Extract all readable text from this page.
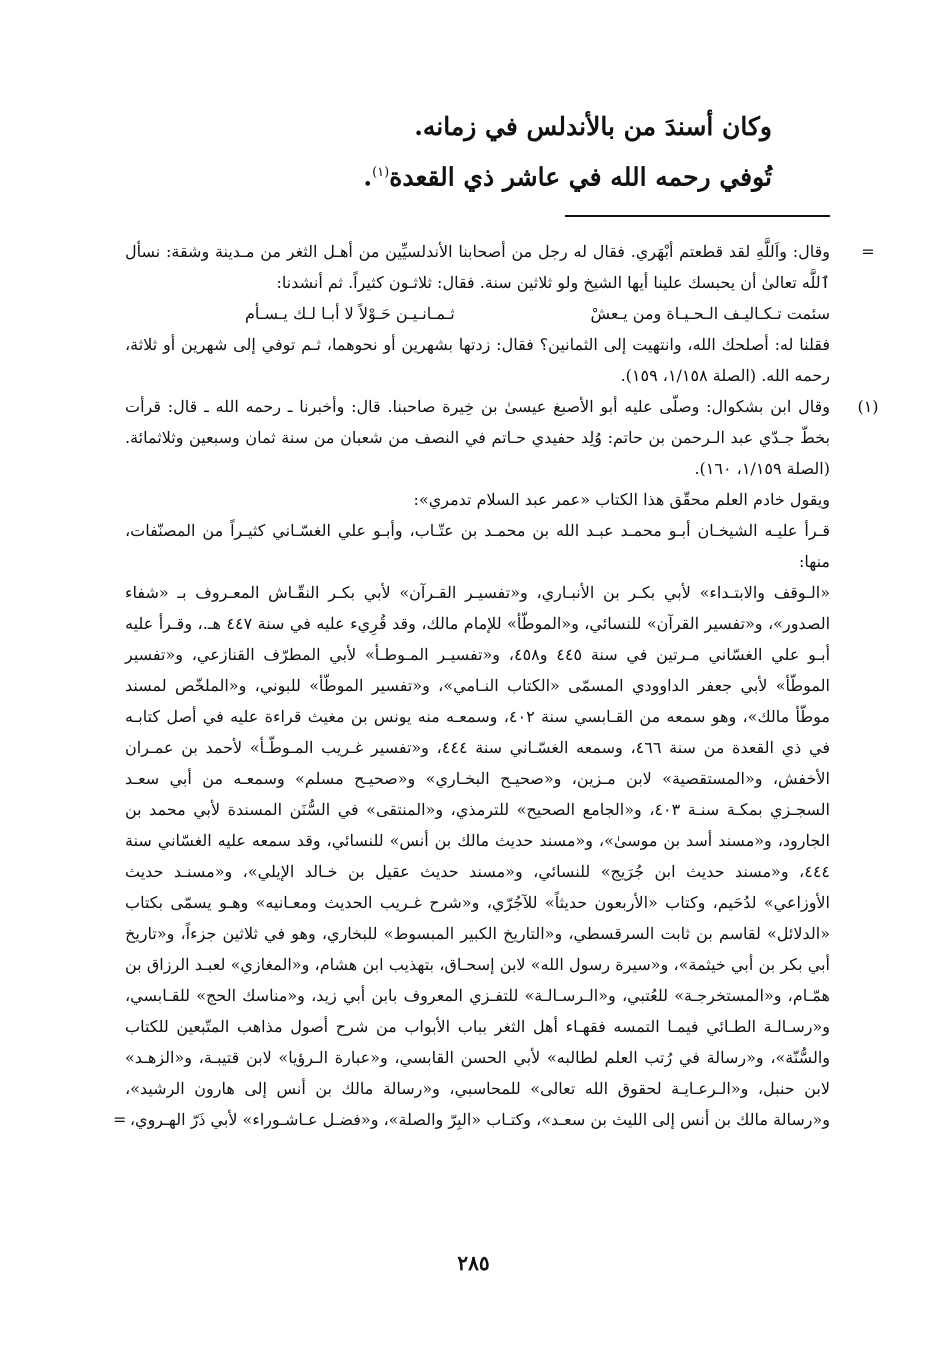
وكان أسندَ من بالأندلس في زمانه.

تُوفي رحمه الله في عاشر ذي القعدة$^{(١)}$.

=

وقال: واَللَّهِ لقد قطعتم أبْهَري. فقال له رجل من أصحابنا الأندلسيِّين من أهـل الثغر من مـدينة وشقة: نسأل ٱللَّه تعالىٰ أن يحبسك علينا أيها الشيخ ولو ثلاثين سنة. فقال: ثلاثـون كثيراً. ثم أنشدنا:

سئمت تـكـاليـف الـحـيـاة ومن يـعشْ
ثـمـانـيـن حَـوْلاً لا أبـا لـك يـسـأم

فقلنا له: أصلحك الله، وانتهيت إلى الثمانين؟ فقال: زدتها بشهرين أو نحوهما، ثـم توفي إلى شهرين أو ثلاثة، رحمه الله. (الصلة ١/١٥٨، ١٥٩).

(١)

وقال ابن بشكوال: وصلّى عليه أبو الأصبغ عيسىٰ بن خِيرة صاحبنا. قال: وأخبرنا ـ رحمه الله ـ قال: قرأت بخطّ جـدّي عبد الـرحمن بن حاتم: وُلِد حفيدي حـاتم في النصف من شعبان من سنة ثمان وسبعين وثلاثمائة. (الصلة ١/١٥٩، ١٦٠).

ويقول خادم العلم محقّق هذا الكتاب «عمر عبد السلام تدمري»:

قـرأ عليـه الشيخـان أبـو محمـد عبـد الله بن محمـد بن عتّـاب، وأبـو علي الغسّـاني كثيـراً من المصنّفات، منها:

«الـوقف والابتـداء» لأبي بكـر بن الأنبـاري، و«تفسيـر القـرآن» لأبي بكـر النقّـاش المعـروف بـ «شفاء الصدور»، و«تفسير القرآن» للنسائي، و«الموطّأ» للإمام مالك، وقد قُرِيء عليه في سنة ٤٤٧ هـ.، وقـرأ عليه أبـو علي الغسّاني مـرتين في سنة ٤٤٥ و٤٥٨، و«تفسيـر المـوطـأ» لأبي المطرّف القنازعي، و«تفسير الموطّأ» لأبي جعفر الداوودي المسمّى «الكتاب النـامي»، و«تفسير الموطّأ» للبوني، و«الملخّص لمسند موطّأ مالك»، وهو سمعه من القـابسي سنة ٤٠٢، وسمعـه منه يونس بن مغيث قراءة عليه في أصل كتابـه في ذي القعدة من سنة ٤٦٦، وسمعه الغسّـاني سنة ٤٤٤، و«تفسير غـريب المـوطّـأ» لأحمد بن عمـران الأخفش، و«المستقصية» لابن مـزين، و«صحيـح البخـاري» و«صحيـح مسلم» وسمعـه من أبي سعـد السجـزي بمكـة سنـة ٤٠٣، و«الجامع الصحيح» للترمذي، و«المنتقى» في السُّنَن المسندة لأبي محمد بن الجارود، و«مسند أسد بن موسىٰ»، و«مسند حديث مالك بن أنس» للنسائي، وقد سمعه عليه الغسّاني سنة ٤٤٤، و«مسند حديث ابن جُرَيج» للنسائي، و«مسند حديث عقيل بن خـالد الإيلي»، و«مسنـد حديث الأوزاعي» لدُحَيم، وكتاب «الأربعون حديثاً» للآجُرّي، و«شرح غـريب الحديث ومعـانيه» وهـو يسمّى بكتاب «الدلائل» لقاسم بن ثابت السرقسطي، و«التاريخ الكبير المبسوط» للبخاري، وهو في ثلاثين جزءاً، و«تاريخ أبي بكر بن أبي خيثمة»، و«سيرة رسول الله» لابن إسحـاق، بتهذيب ابن هشام، و«المغازي» لعبـد الرزاق بن همّـام، و«المستخرجـة» للعُتبي، و«الـرسـالـة» للتفـزي المعروف بابن أبي زيد، و«مناسك الحج» للقـابسي، و«رسـالـة الطـائي فيمـا التمسه فقهـاء أهل الثغر بباب الأبواب من شرح أصول مذاهب المتّبعين للكتاب والسُّنّة»، و«رسالة في رُتب العلم لطالبه» لأبي الحسن القابسي، و«عبارة الـرؤيا» لابن قتيبـة، و«الزهـد» لابن حنبل، و«الـرعـايـة لحقوق الله تعالى» للمحاسبي، و«رسالة مالك بن أنس إلى هارون الرشيد»، و«رسالة مالك بن أنس إلى الليث بن سعـد»، وكتـاب «البِرّ والصلة»، و«فضـل عـاشـوراء» لأبي ذَرّ الهـروي،

=
٢٨٥
